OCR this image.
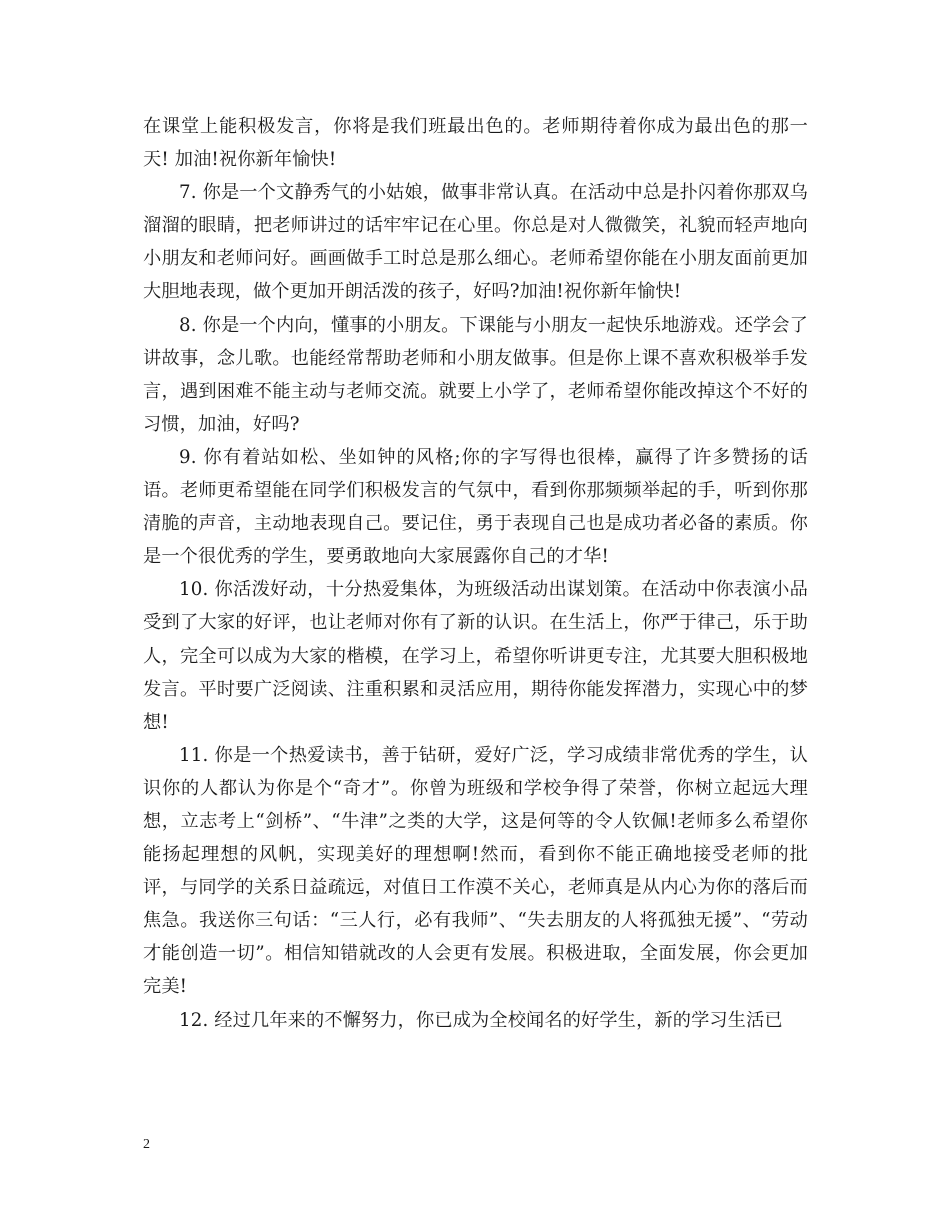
在课堂上能积极发言，你将是我们班最出色的。老师期待着你成为最出色的那一天! 加油!祝你新年愉快!

7. 你是一个文静秀气的小姑娘，做事非常认真。在活动中总是扑闪着你那双乌溜溜的眼睛，把老师讲过的话牢牢记在心里。你总是对人微微笑，礼貌而轻声地向小朋友和老师问好。画画做手工时总是那么细心。老师希望你能在小朋友面前更加大胆地表现，做个更加开朗活泼的孩子，好吗?加油!祝你新年愉快!

8. 你是一个内向，懂事的小朋友。下课能与小朋友一起快乐地游戏。还学会了讲故事，念儿歌。也能经常帮助老师和小朋友做事。但是你上课不喜欢积极举手发言，遇到困难不能主动与老师交流。就要上小学了，老师希望你能改掉这个不好的习惯，加油，好吗?

9. 你有着站如松、坐如钟的风格;你的字写得也很棒，赢得了许多赞扬的话语。老师更希望能在同学们积极发言的气氛中，看到你那频频举起的手，听到你那清脆的声音，主动地表现自己。要记住，勇于表现自己也是成功者必备的素质。你是一个很优秀的学生，要勇敢地向大家展露你自己的才华!

10. 你活泼好动，十分热爱集体，为班级活动出谋划策。在活动中你表演小品受到了大家的好评，也让老师对你有了新的认识。在生活上，你严于律己，乐于助人，完全可以成为大家的楷模，在学习上，希望你听讲更专注，尤其要大胆积极地发言。平时要广泛阅读、注重积累和灵活应用，期待你能发挥潜力，实现心中的梦想!

11. 你是一个热爱读书，善于钻研，爱好广泛，学习成绩非常优秀的学生，认识你的人都认为你是个“奇才”。你曾为班级和学校争得了荣誉，你树立起远大理想，立志考上“剑桥”、“牛津”之类的大学，这是何等的令人钦佩!老师多么希望你能扬起理想的风帆，实现美好的理想啊!然而，看到你不能正确地接受老师的批评，与同学的关系日益疏远，对值日工作漠不关心，老师真是从内心为你的落后而焦急。我送你三句话：“三人行，必有我师”、“失去朋友的人将孤独无援”、“劳动才能创造一切”。相信知错就改的人会更有发展。积极进取，全面发展，你会更加完美!

12. 经过几年来的不懈努力，你已成为全校闻名的好学生，新的学习生活已

2
